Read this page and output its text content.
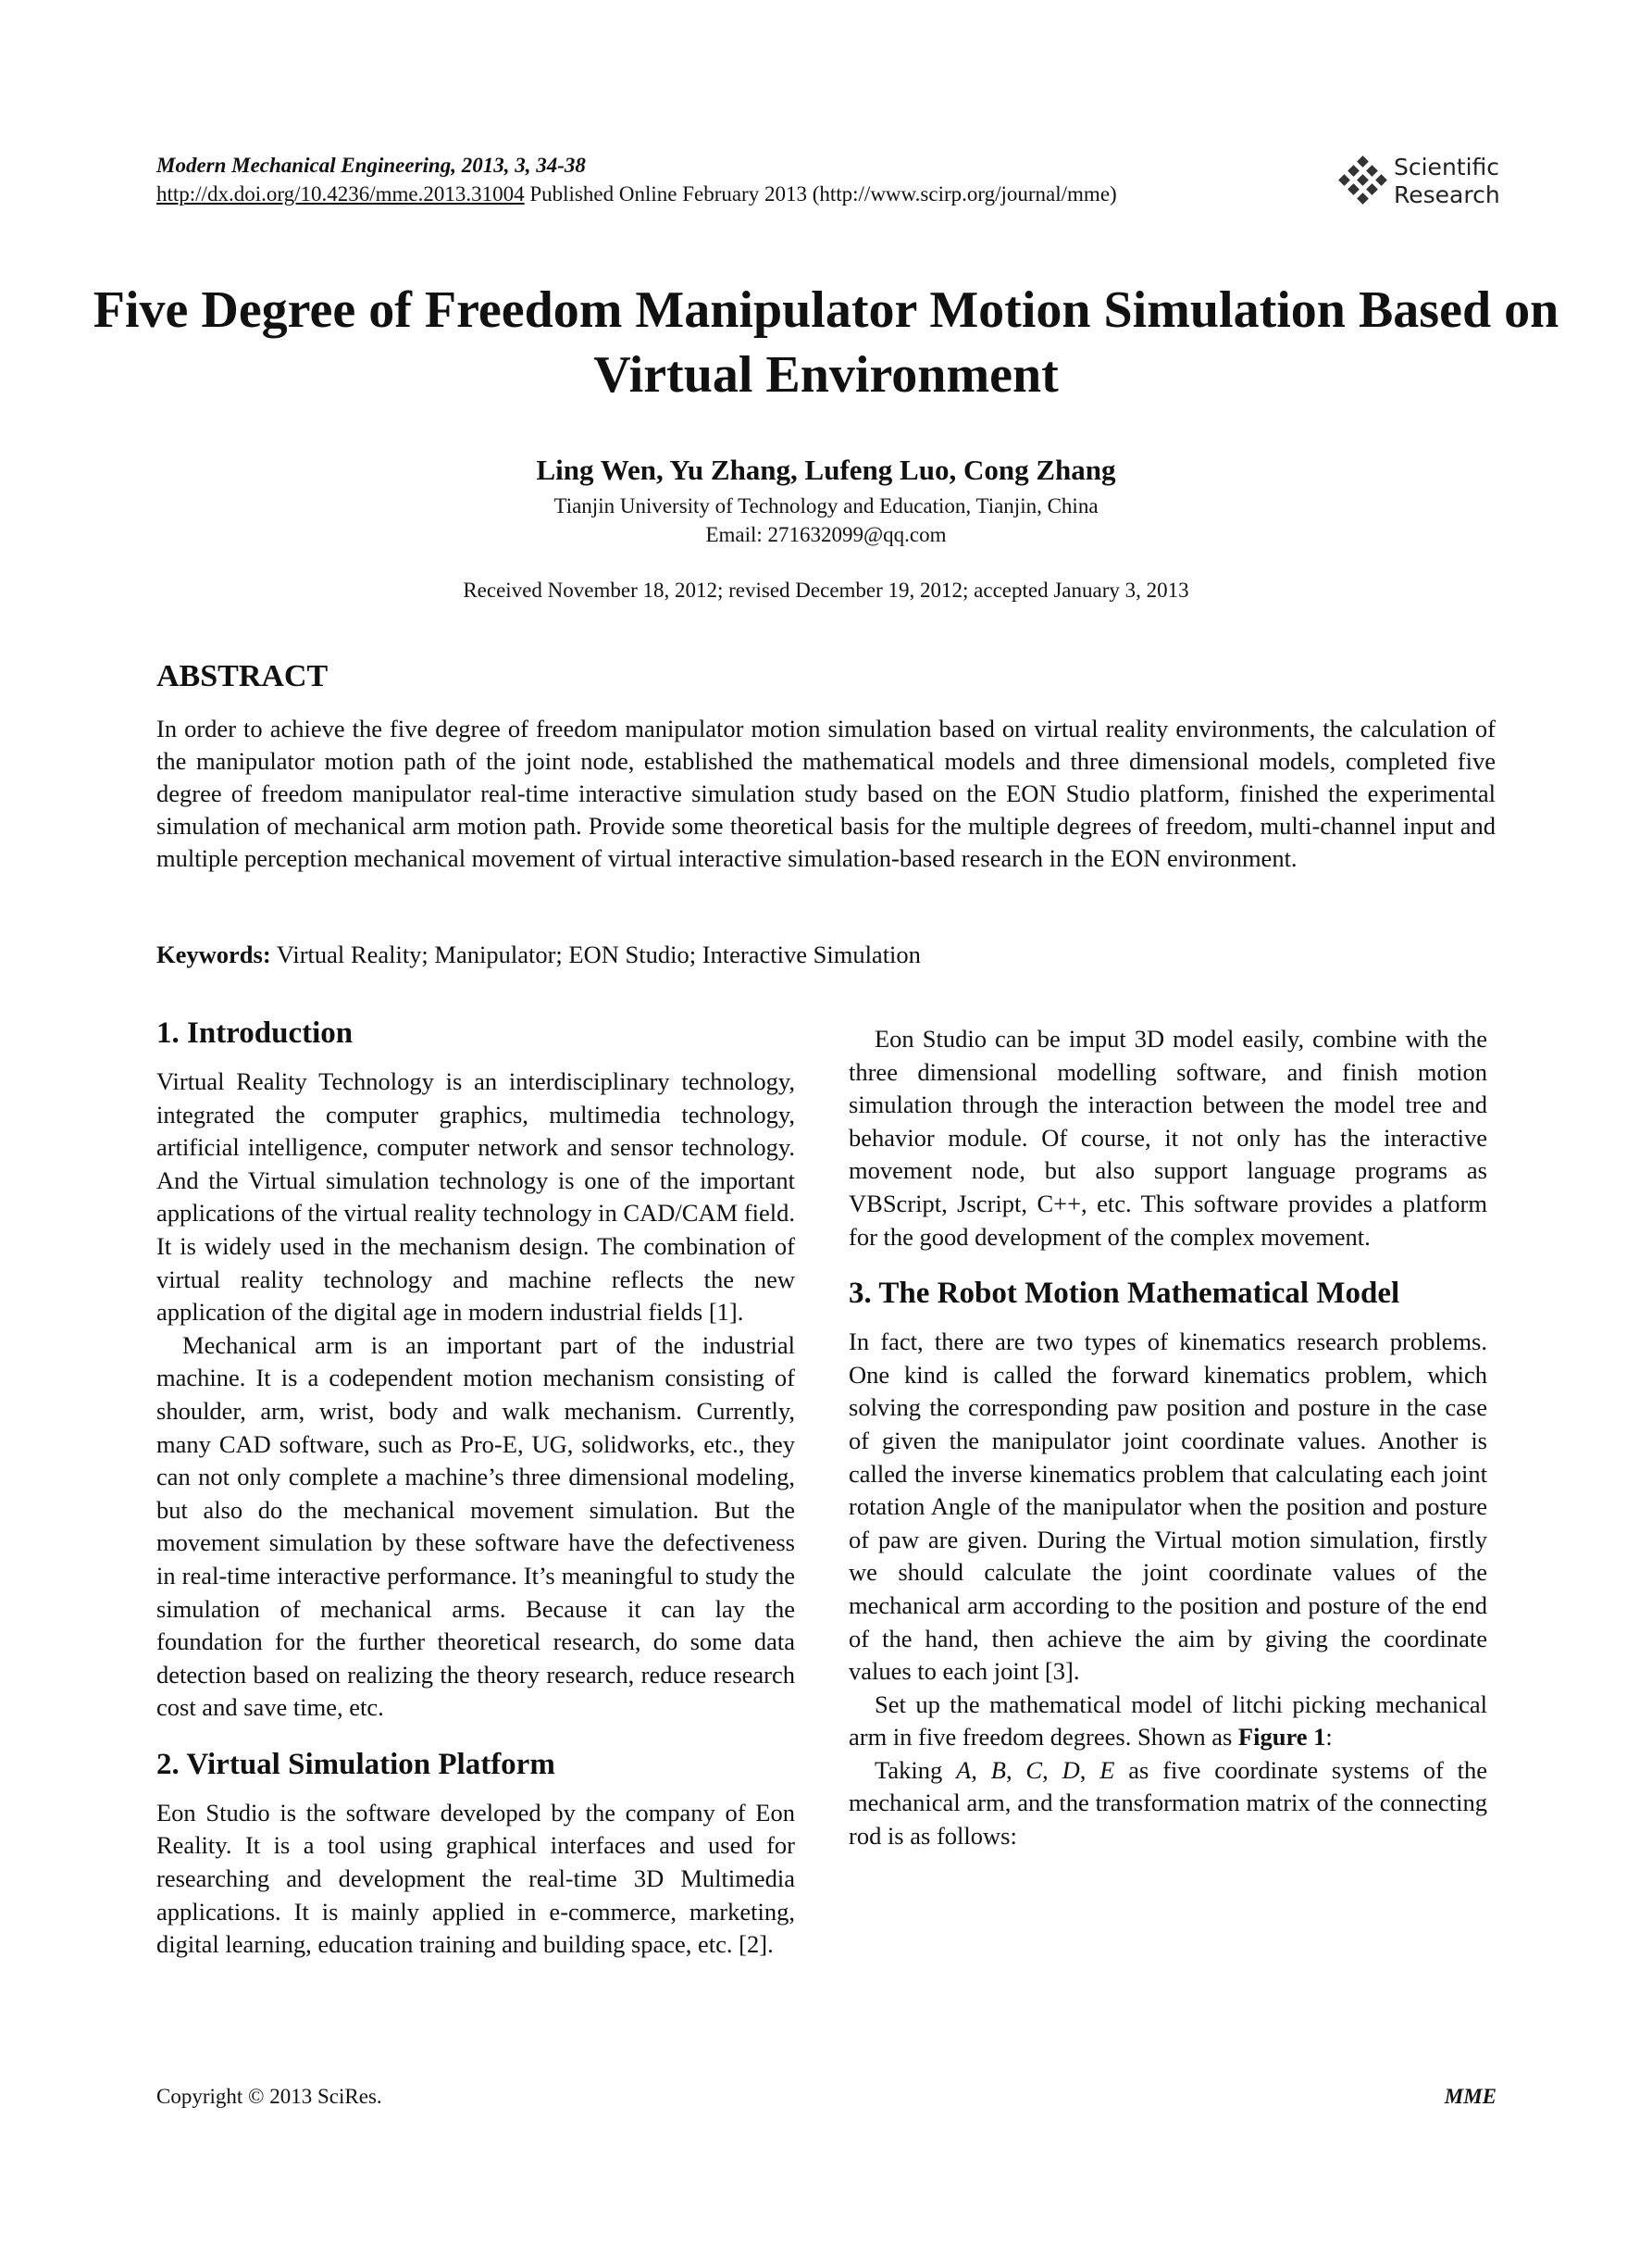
Modern Mechanical Engineering, 2013, 3, 34-38
http://dx.doi.org/10.4236/mme.2013.31004 Published Online February 2013 (http://www.scirp.org/journal/mme)
Scientific
Research
Five Degree of Freedom Manipulator Motion Simulation Based on Virtual Environment
Ling Wen, Yu Zhang, Lufeng Luo, Cong Zhang
Tianjin University of Technology and Education, Tianjin, China
Email: 271632099@qq.com
Received November 18, 2012; revised December 19, 2012; accepted January 3, 2013
ABSTRACT
In order to achieve the five degree of freedom manipulator motion simulation based on virtual reality environments, the calculation of the manipulator motion path of the joint node, established the mathematical models and three dimensional models, completed five degree of freedom manipulator real-time interactive simulation study based on the EON Studio platform, finished the experimental simulation of mechanical arm motion path. Provide some theoretical basis for the multiple degrees of freedom, multi-channel input and multiple perception mechanical movement of virtual interactive simulation-based research in the EON environment.
Keywords: Virtual Reality; Manipulator; EON Studio; Interactive Simulation
1. Introduction

Virtual Reality Technology is an interdisciplinary technology, integrated the computer graphics, multimedia technology, artificial intelligence, computer network and sensor technology. And the Virtual simulation technology is one of the important applications of the virtual reality technology in CAD/CAM field. It is widely used in the mechanism design. The combination of virtual reality technology and machine reflects the new application of the digital age in modern industrial fields [1].

Mechanical arm is an important part of the industrial machine. It is a codependent motion mechanism consisting of shoulder, arm, wrist, body and walk mechanism. Currently, many CAD software, such as Pro-E, UG, solidworks, etc., they can not only complete a machine’s three dimensional modeling, but also do the mechanical movement simulation. But the movement simulation by these software have the defectiveness in real-time interactive performance. It’s meaningful to study the simulation of mechanical arms. Because it can lay the foundation for the further theoretical research, do some data detection based on realizing the theory research, reduce research cost and save time, etc.

2. Virtual Simulation Platform

Eon Studio is the software developed by the company of Eon Reality. It is a tool using graphical interfaces and used for researching and development the real-time 3D Multimedia applications. It is mainly applied in e-commerce, marketing, digital learning, education training and building space, etc. [2].

Eon Studio can be imput 3D model easily, combine with the three dimensional modelling software, and finish motion simulation through the interaction between the model tree and behavior module. Of course, it not only has the interactive movement node, but also support language programs as VBScript, Jscript, C++, etc. This software provides a platform for the good development of the complex movement.

3. The Robot Motion Mathematical Model

In fact, there are two types of kinematics research problems. One kind is called the forward kinematics problem, which solving the corresponding paw position and posture in the case of given the manipulator joint coordinate values. Another is called the inverse kinematics problem that calculating each joint rotation Angle of the manipulator when the position and posture of paw are given. During the Virtual motion simulation, firstly we should calculate the joint coordinate values of the mechanical arm according to the position and posture of the end of the hand, then achieve the aim by giving the coordinate values to each joint [3].

Set up the mathematical model of litchi picking mechanical arm in five freedom degrees. Shown as Figure 1:

Taking A, B, C, D, E as five coordinate systems of the mechanical arm, and the transformation matrix of the connecting rod is as follows:

Copyright © 2013 SciRes.	MME
